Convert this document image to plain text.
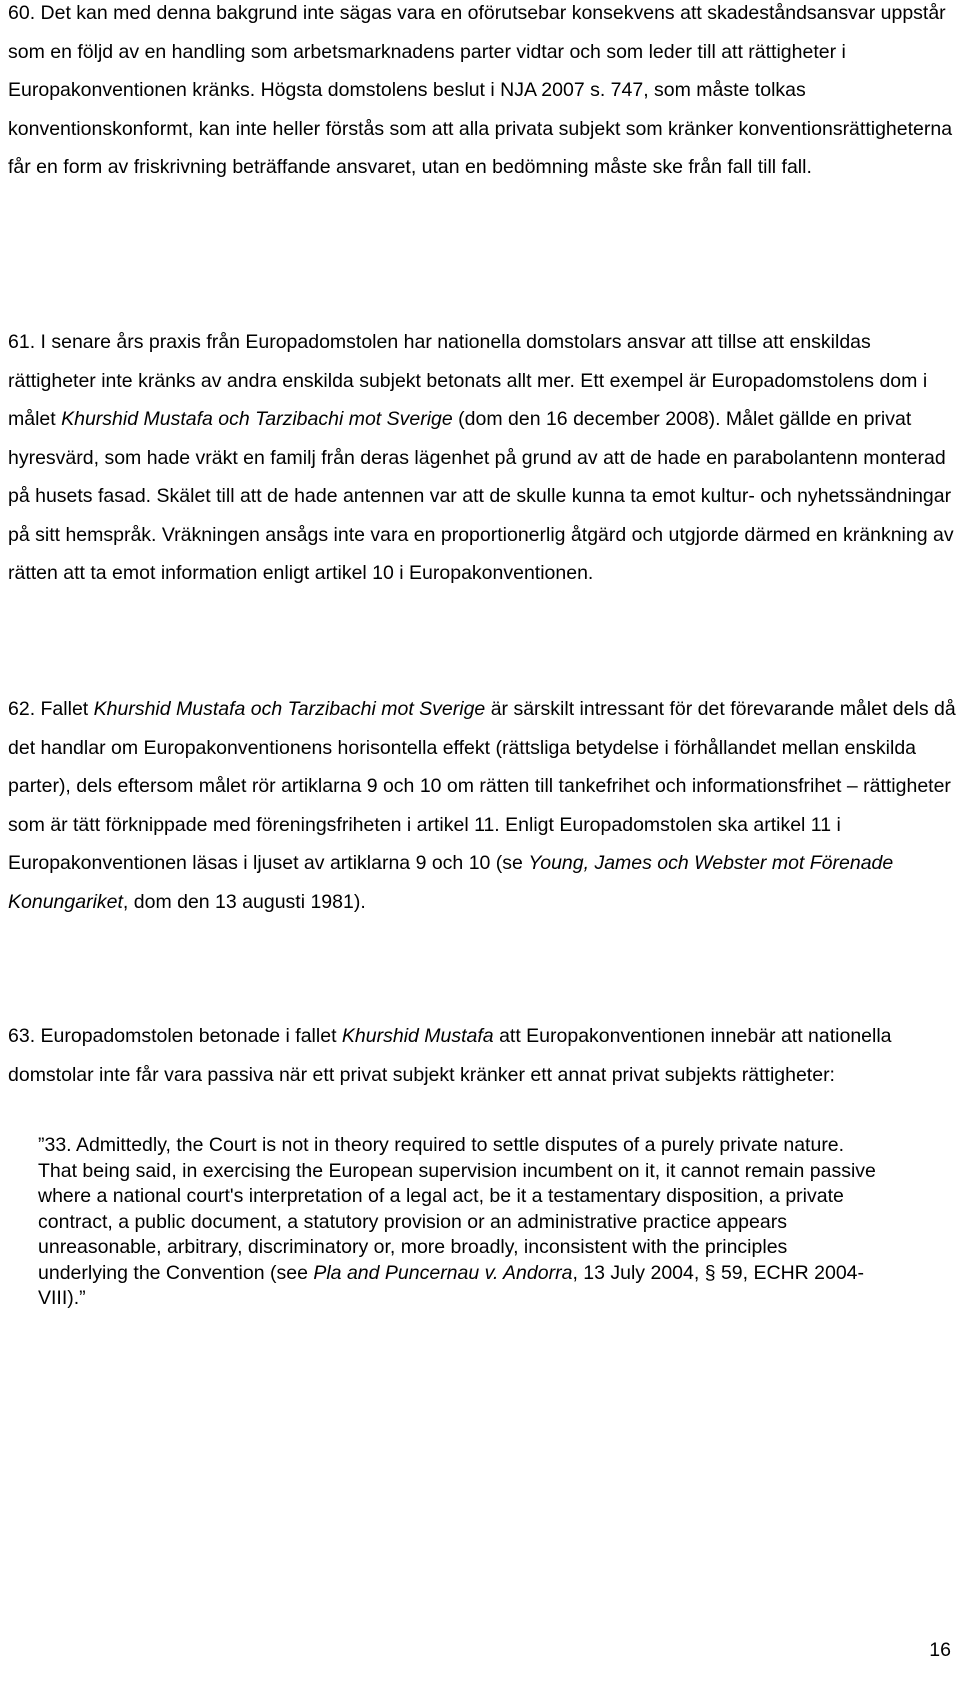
60. Det kan med denna bakgrund inte sägas vara en oförutsebar konsekvens att skadeståndsansvar uppstår som en följd av en handling som arbetsmarknadens parter vidtar och som leder till att rättigheter i Europakonventionen kränks. Högsta domstolens beslut i NJA 2007 s. 747, som måste tolkas konventionskonformt, kan inte heller förstås som att alla privata subjekt som kränker konventionsrättigheterna får en form av friskrivning beträffande ansvaret, utan en bedömning måste ske från fall till fall.

61. I senare års praxis från Europadomstolen har nationella domstolars ansvar att tillse att enskildas rättigheter inte kränks av andra enskilda subjekt betonats allt mer. Ett exempel är Europadomstolens dom i målet Khurshid Mustafa och Tarzibachi mot Sverige (dom den 16 december 2008). Målet gällde en privat hyresvärd, som hade vräkt en familj från deras lägenhet på grund av att de hade en parabolantenn monterad på husets fasad. Skälet till att de hade antennen var att de skulle kunna ta emot kultur- och nyhetssändningar på sitt hemspråk. Vräkningen ansågs inte vara en proportionerlig åtgärd och utgjorde därmed en kränkning av rätten att ta emot information enligt artikel 10 i Europakonventionen.

62. Fallet Khurshid Mustafa och Tarzibachi mot Sverige är särskilt intressant för det förevarande målet dels då det handlar om Europakonventionens horisontella effekt (rättsliga betydelse i förhållandet mellan enskilda parter), dels eftersom målet rör artiklarna 9 och 10 om rätten till tankefrihet och informationsfrihet – rättigheter som är tätt förknippade med föreningsfriheten i artikel 11. Enligt Europadomstolen ska artikel 11 i Europakonventionen läsas i ljuset av artiklarna 9 och 10 (se Young, James och Webster mot Förenade Konungariket, dom den 13 augusti 1981).

63. Europadomstolen betonade i fallet Khurshid Mustafa att Europakonventionen innebär att nationella domstolar inte får vara passiva när ett privat subjekt kränker ett annat privat subjekts rättigheter:

”33. Admittedly, the Court is not in theory required to settle disputes of a purely private nature. That being said, in exercising the European supervision incumbent on it, it cannot remain passive where a national court's interpretation of a legal act, be it a testamentary disposition, a private contract, a public document, a statutory provision or an administrative practice appears unreasonable, arbitrary, discriminatory or, more broadly, inconsistent with the principles underlying the Convention (see Pla and Puncernau v. Andorra, 13 July 2004, § 59, ECHR 2004-VIII).”

16
